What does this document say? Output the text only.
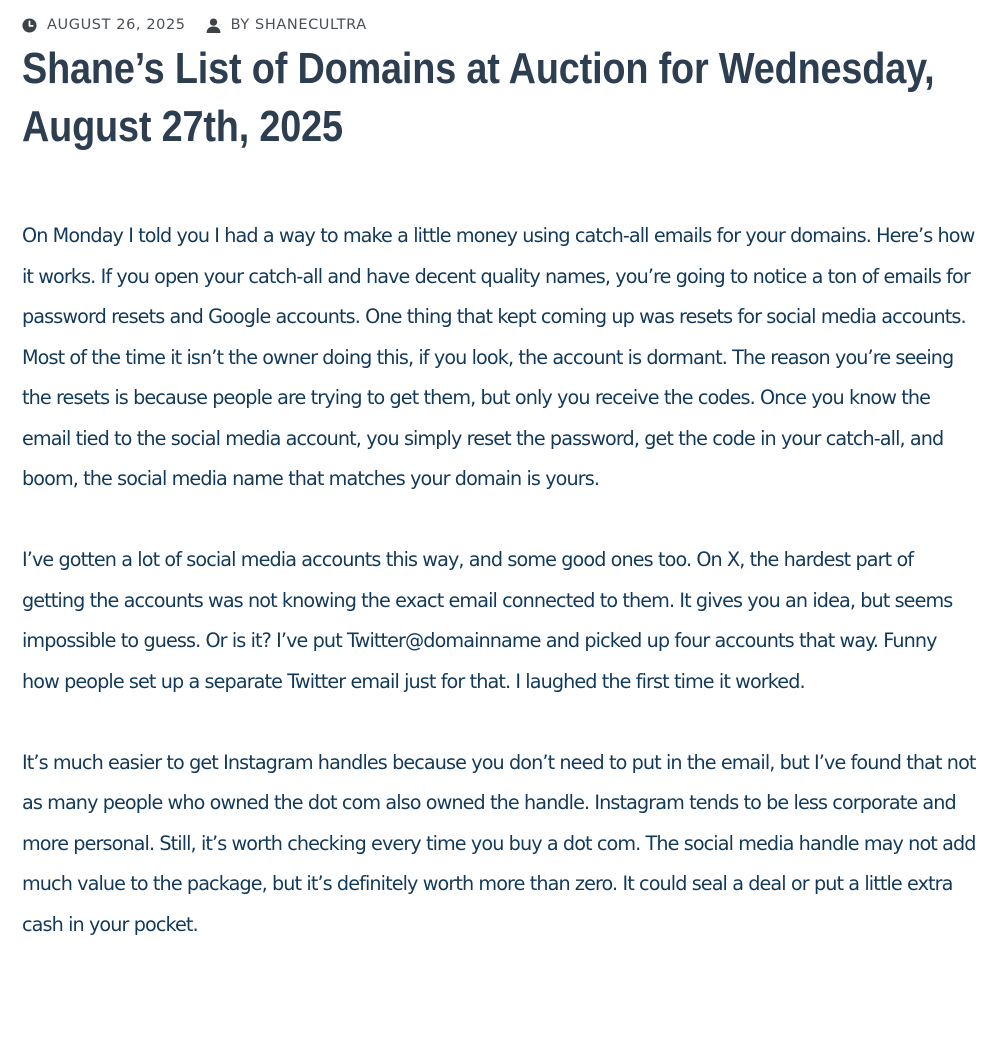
AUGUST 26, 2025	BY SHANECULTRA
Shane’s List of Domains at Auction for Wednesday, August 27th, 2025

On Monday I told you I had a way to make a little money using catch-all emails for your domains. Here’s how it works. If you open your catch-all and have decent quality names, you’re going to notice a ton of emails for password resets and Google accounts. One thing that kept coming up was resets for social media accounts. Most of the time it isn’t the owner doing this, if you look, the account is dormant. The reason you’re seeing the resets is because people are trying to get them, but only you receive the codes. Once you know the email tied to the social media account, you simply reset the password, get the code in your catch-all, and boom, the social media name that matches your domain is yours.

I’ve gotten a lot of social media accounts this way, and some good ones too. On X, the hardest part of getting the accounts was not knowing the exact email connected to them. It gives you an idea, but seems impossible to guess. Or is it? I’ve put Twitter@domainname and picked up four accounts that way. Funny how people set up a separate Twitter email just for that. I laughed the first time it worked.

It’s much easier to get Instagram handles because you don’t need to put in the email, but I’ve found that not as many people who owned the dot com also owned the handle. Instagram tends to be less corporate and more personal. Still, it’s worth checking every time you buy a dot com. The social media handle may not add much value to the package, but it’s definitely worth more than zero. It could seal a deal or put a little extra cash in your pocket.
